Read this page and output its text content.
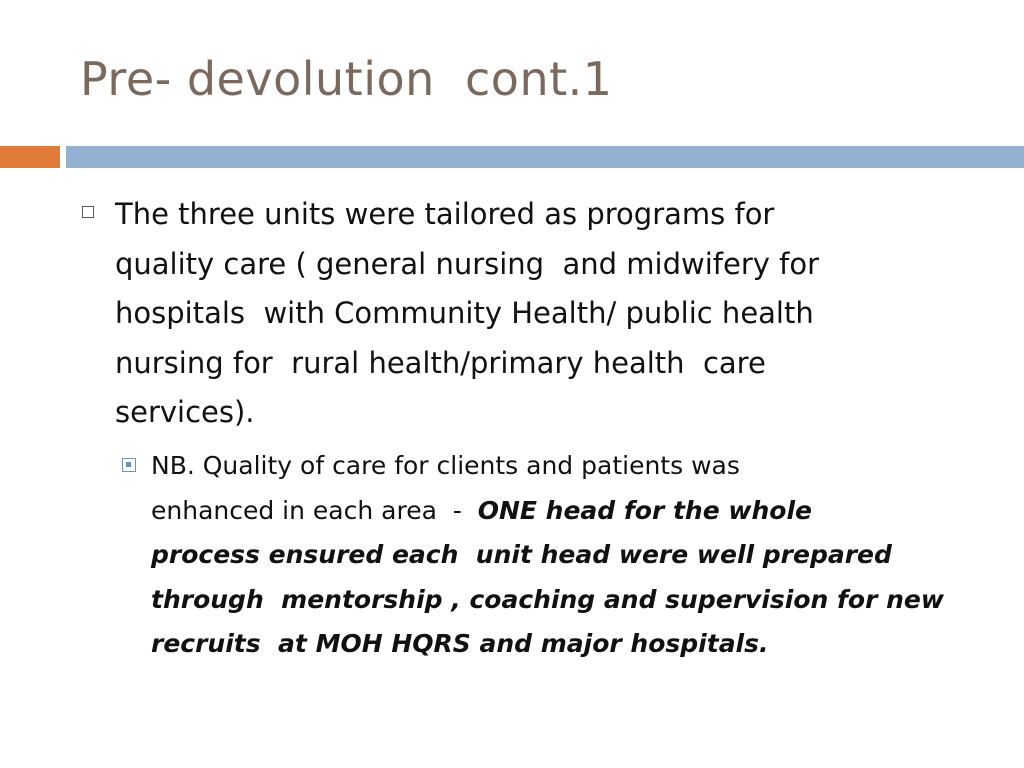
Pre- devolution  cont.1

The three units were tailored as programs for
quality care ( general nursing  and midwifery for
hospitals  with Community Health/ public health
nursing for  rural health/primary health  care
services).

NB. Quality of care for clients and patients was
enhanced in each area  -  ONE head for the whole
process ensured each  unit head were well prepared
through  mentorship , coaching and supervision for new
recruits  at MOH HQRS and major hospitals.
